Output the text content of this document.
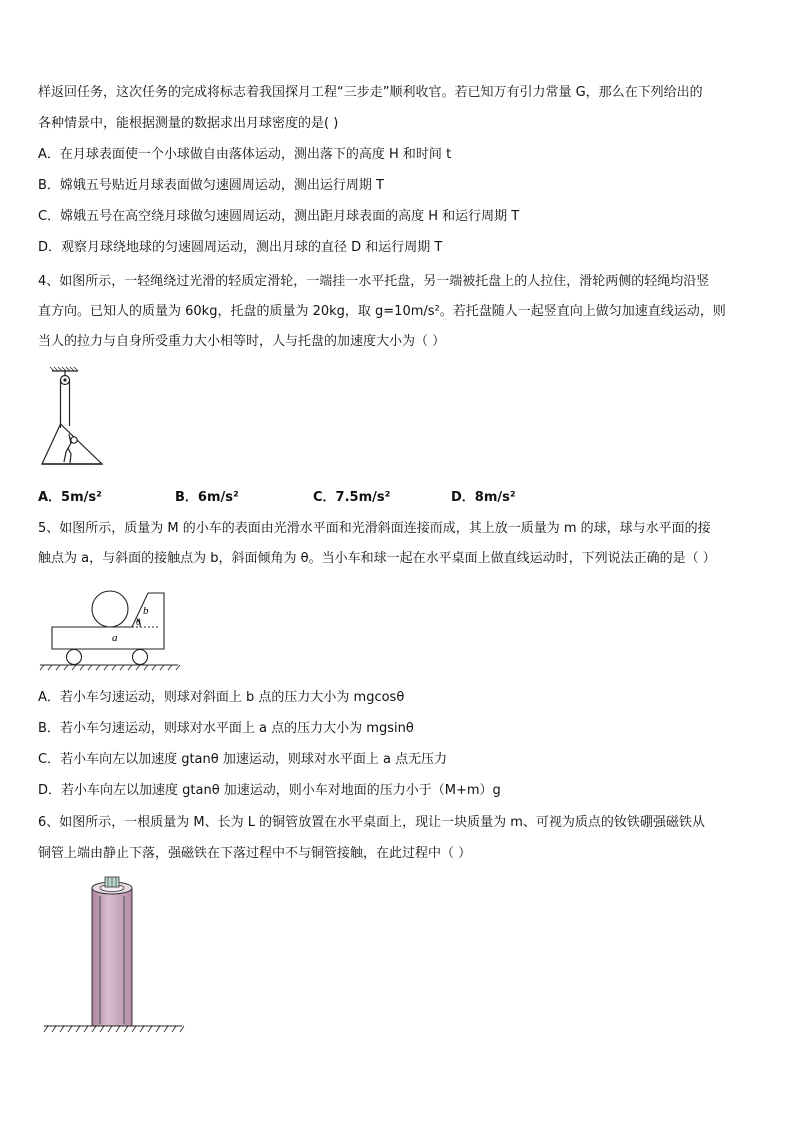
样返回任务，这次任务的完成将标志着我国探月工程“三步走”顺利收官。若已知万有引力常量 G，那么在下列给出的
各种情景中，能根据测量的数据求出月球密度的是( )
A．在月球表面使一个小球做自由落体运动，测出落下的高度 H 和时间 t
B．嫦娥五号贴近月球表面做匀速圆周运动，测出运行周期 T
C．嫦娥五号在高空绕月球做匀速圆周运动，测出距月球表面的高度 H 和运行周期 T
D．观察月球绕地球的匀速圆周运动，测出月球的直径 D 和运行周期 T
4、如图所示，一轻绳绕过光滑的轻质定滑轮，一端挂一水平托盘，另一端被托盘上的人拉住，滑轮两侧的轻绳均沿竖
直方向。已知人的质量为 60kg，托盘的质量为 20kg，取 g=10m/s²。若托盘随人一起竖直向上做匀加速直线运动，则
当人的拉力与自身所受重力大小相等时，人与托盘的加速度大小为（ ）
A．5m/s²	B．6m/s²	C．7.5m/s²	D．8m/s²
5、如图所示，质量为 M 的小车的表面由光滑水平面和光滑斜面连接而成，其上放一质量为 m 的球，球与水平面的接
触点为 a，与斜面的接触点为 b，斜面倾角为 θ。当小车和球一起在水平桌面上做直线运动时，下列说法正确的是（ ）
b
θ
a
A．若小车匀速运动，则球对斜面上 b 点的压力大小为 mgcosθ
B．若小车匀速运动，则球对水平面上 a 点的压力大小为 mgsinθ
C．若小车向左以加速度 gtanθ 加速运动，则球对水平面上 a 点无压力
D．若小车向左以加速度 gtanθ 加速运动，则小车对地面的压力小于（M+m）g
6、如图所示，一根质量为 M、长为 L 的铜管放置在水平桌面上，现让一块质量为 m、可视为质点的钕铁硼强磁铁从
铜管上端由静止下落，强磁铁在下落过程中不与铜管接触，在此过程中（ ）
